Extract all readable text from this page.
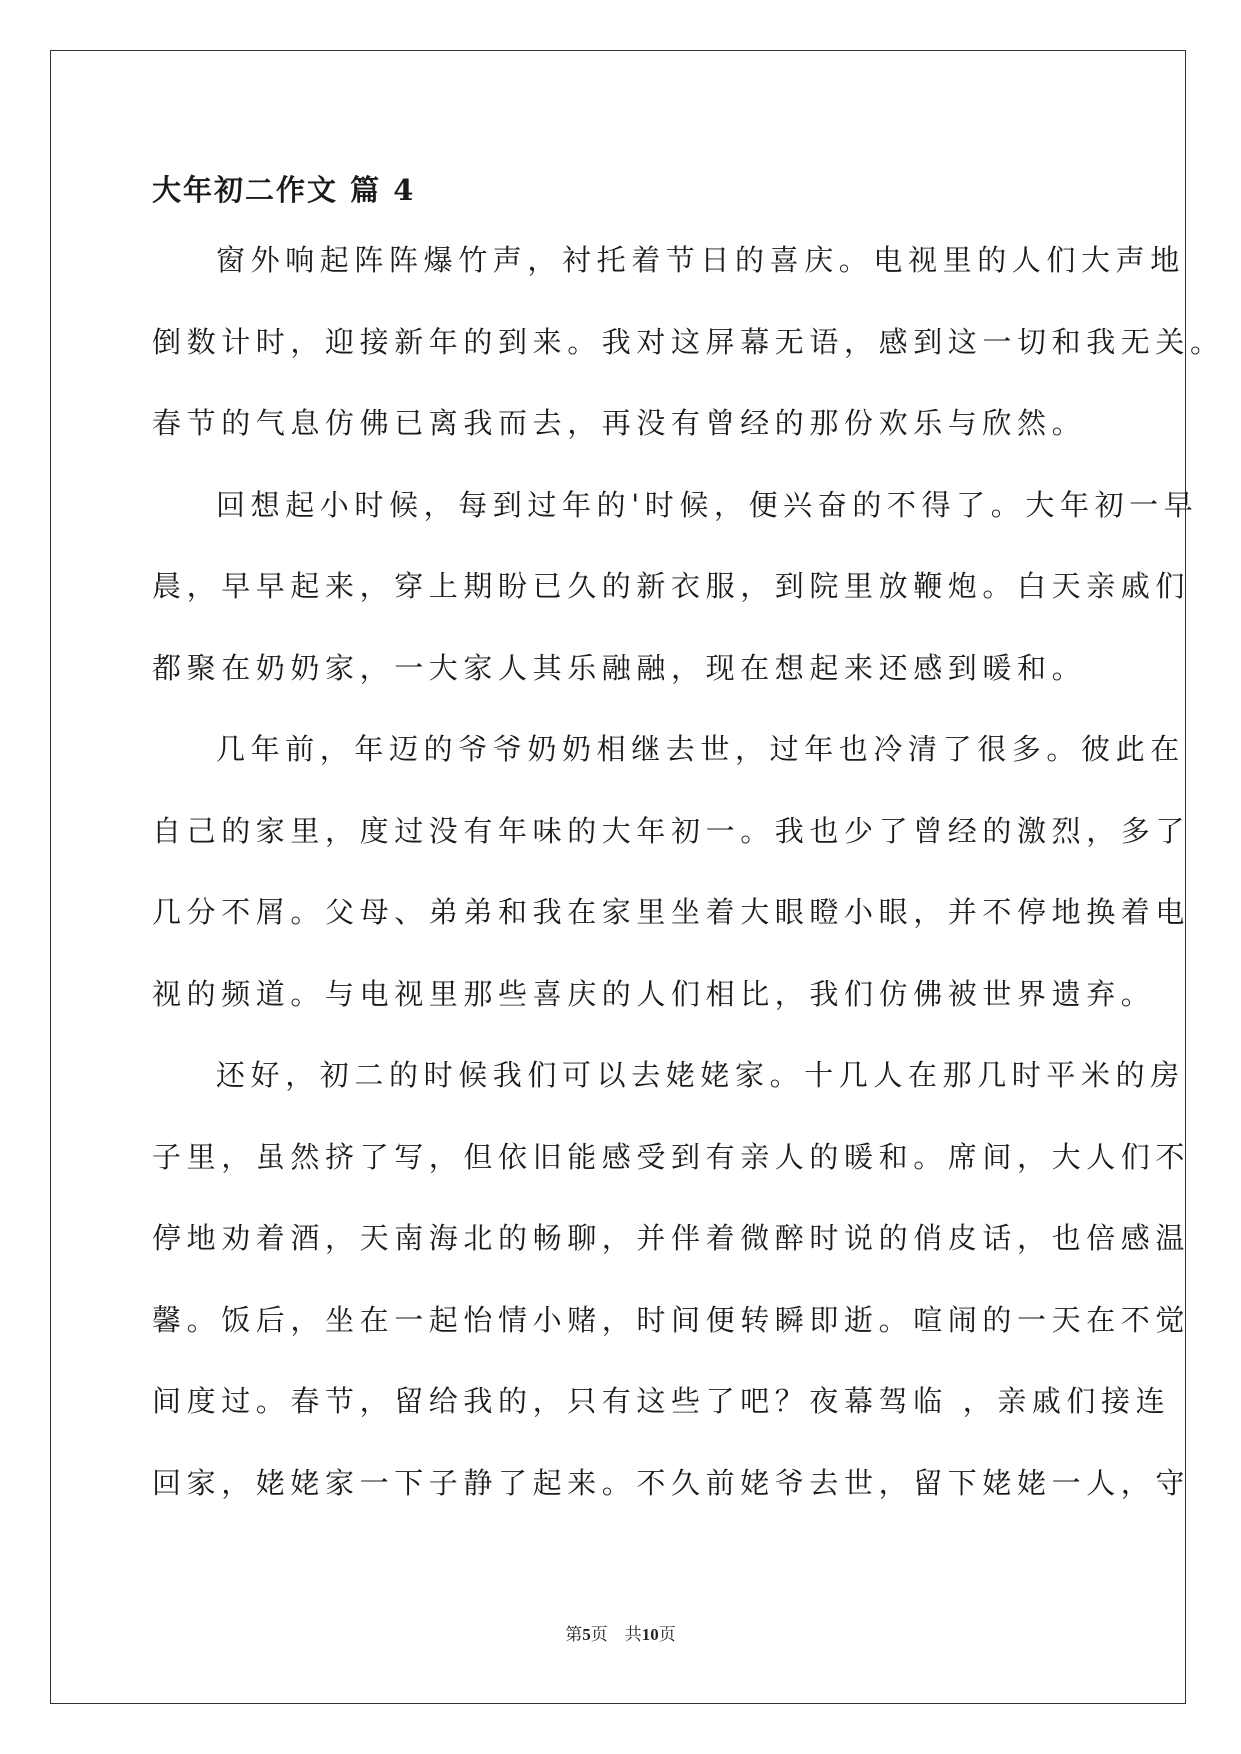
大年初二作文 篇 4
窗外响起阵阵爆竹声，衬托着节日的喜庆。电视里的人们大声地
倒数计时，迎接新年的到来。我对这屏幕无语，感到这一切和我无关。
春节的气息仿佛已离我而去，再没有曾经的那份欢乐与欣然。
回想起小时候，每到过年的'时候，便兴奋的不得了。大年初一早
晨，早早起来，穿上期盼已久的新衣服，到院里放鞭炮。白天亲戚们
都聚在奶奶家，一大家人其乐融融，现在想起来还感到暖和。
几年前，年迈的爷爷奶奶相继去世，过年也冷清了很多。彼此在
自己的家里，度过没有年味的大年初一。我也少了曾经的激烈，多了
几分不屑。父母、弟弟和我在家里坐着大眼瞪小眼，并不停地换着电
视的频道。与电视里那些喜庆的人们相比，我们仿佛被世界遗弃。
还好，初二的时候我们可以去姥姥家。十几人在那几时平米的房
子里，虽然挤了写，但依旧能感受到有亲人的暖和。席间，大人们不
停地劝着酒，天南海北的畅聊，并伴着微醉时说的俏皮话，也倍感温
馨。饭后，坐在一起怡情小赌，时间便转瞬即逝。喧闹的一天在不觉
间度过。春节，留给我的，只有这些了吧？夜幕驾临 ，亲戚们接连
回家，姥姥家一下子静了起来。不久前姥爷去世，留下姥姥一人，守
第5页　共10页
